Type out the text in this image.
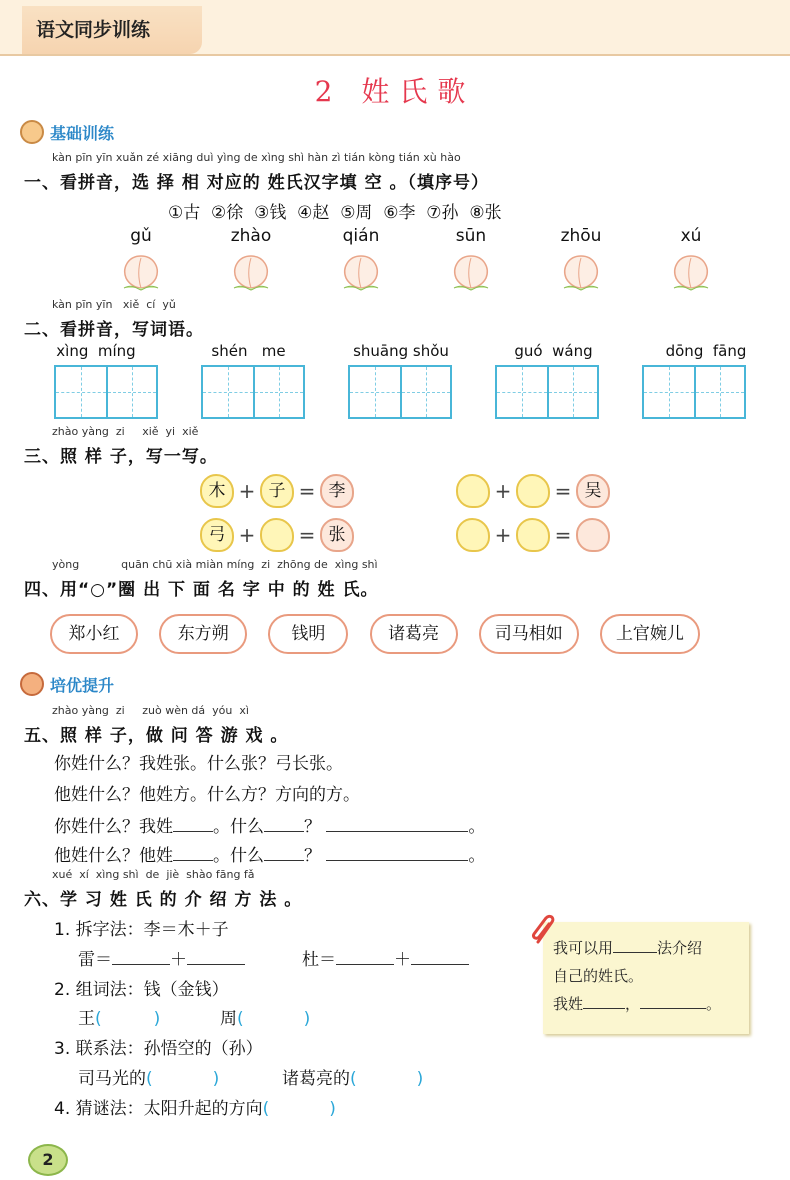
语文同步训练
2 姓氏歌
基础训练
kàn pīn yīn xuǎn zé xiāng duì yìng de xìng shì hàn zì tián kòng tián xù hào
一、看拼音，选 择 相 对应的 姓氏汉字填 空 。（填序号）
①古  ②徐  ③钱  ④赵  ⑤周  ⑥李  ⑦孙  ⑧张
gǔ	zhào	qián	sūn	zhōu	xú
kàn pīn yīn   xiě  cí  yǔ
二、看拼音，写词语。
xìng  míng	shén   me	shuāng shǒu	guó  wáng	dōng  fāng
zhào yàng  zi     xiě  yi  xiě
三、照 样 子，写一写。
木 + 子 = 李	+ = 吴
弓 + = 张	+ =
yòng            quān chū xià miàn míng  zi  zhōng de  xìng shì
四、用“○”圈 出 下 面 名 字 中 的 姓 氏。
郑小红	东方朔	钱明	诸葛亮	司马相如	上官婉儿
培优提升
zhào yàng  zi     zuò wèn dá  yóu  xì
五、照 样 子，做 问 答 游 戏 。
你姓什么？我姓张。什么张？弓长张。
他姓什么？他姓方。什么方？方向的方。
你姓什么？我姓 。什么 ？	。
他姓什么？他姓 。什么 ？	。
xué  xí  xìng shì  de  jiè  shào fāng fǎ
六、学 习 姓 氏 的 介 绍 方 法 。
1. 拆字法：李＝木＋子
雷＝	＋	杜＝	＋
2. 组词法：钱（金钱）
王(	)	周(	)
3. 联系法：孙悟空的（孙）
司马光的(	)	诸葛亮的(	)
4. 猜谜法：太阳升起的方向(	)
我可以用	法介绍
自己的姓氏。
我姓	，	。
2
